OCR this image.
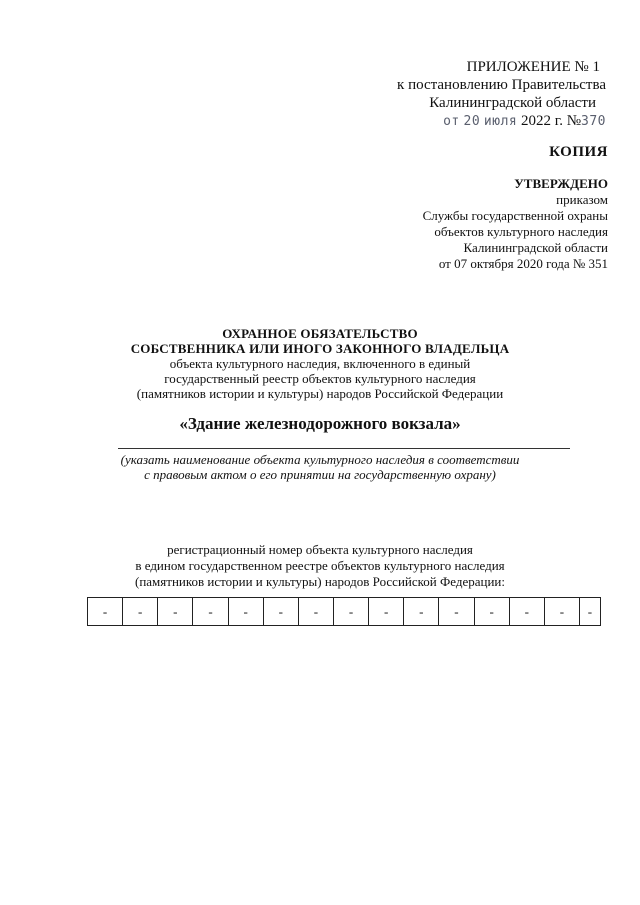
ПРИЛОЖЕНИЕ № 1
к постановлению Правительства
Калининградской области
от 20 июля 2022 г. №370
КОПИЯ
УТВЕРЖДЕНО
приказом
Службы государственной охраны
объектов культурного наследия
Калининградской области
от 07 октября 2020 года № 351
ОХРАННОЕ ОБЯЗАТЕЛЬСТВО
СОБСТВЕННИКА ИЛИ ИНОГО ЗАКОННОГО ВЛАДЕЛЬЦА
объекта культурного наследия, включенного в единый
государственный реестр объектов культурного наследия
(памятников истории и культуры) народов Российской Федерации
«Здание железнодорожного вокзала»
(указать наименование объекта культурного наследия в соответствии
с правовым актом о его принятии на государственную охрану)
регистрационный номер объекта культурного наследия
в едином государственном реестре объектов культурного наследия
(памятников истории и культуры) народов Российской Федерации:
-	-	-	-	-	-	-	-	-	-	-	-	-	-	-
